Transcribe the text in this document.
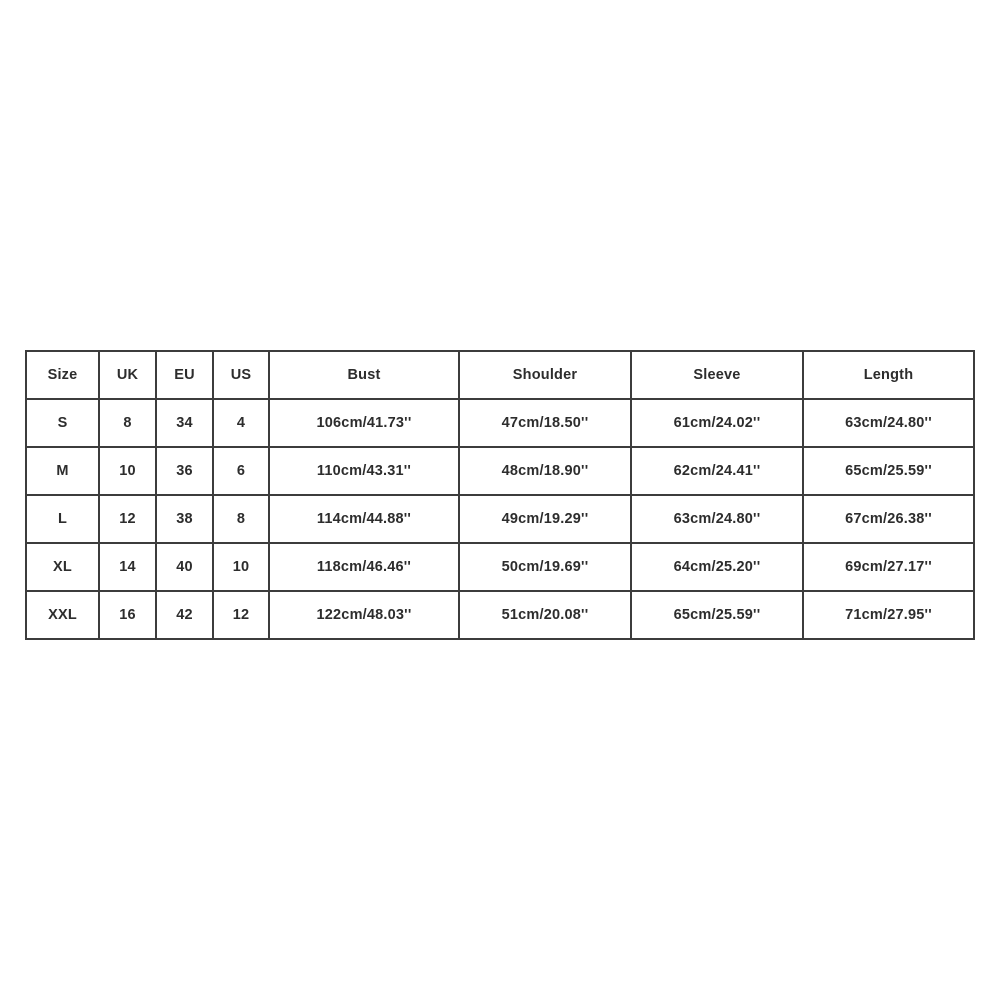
Size	UK	EU	US	Bust	Shoulder	Sleeve	Length
S	8	34	4	106cm/41.73''	47cm/18.50''	61cm/24.02''	63cm/24.80''
M	10	36	6	110cm/43.31''	48cm/18.90''	62cm/24.41''	65cm/25.59''
L	12	38	8	114cm/44.88''	49cm/19.29''	63cm/24.80''	67cm/26.38''
XL	14	40	10	118cm/46.46''	50cm/19.69''	64cm/25.20''	69cm/27.17''
XXL	16	42	12	122cm/48.03''	51cm/20.08''	65cm/25.59''	71cm/27.95''
